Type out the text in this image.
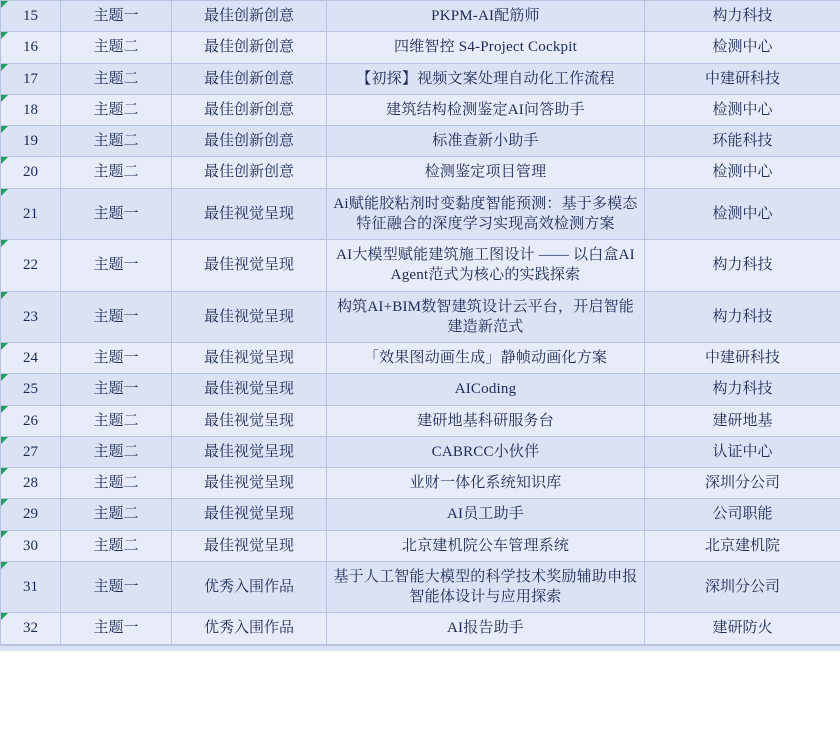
15	主题一	最佳创新创意	PKPM-AI配筋师	构力科技

16	主题二	最佳创新创意	四维智控 S4-Project Cockpit	检测中心

17	主题二	最佳创新创意	【初探】视频文案处理自动化工作流程	中建研科技

18	主题二	最佳创新创意	建筑结构检测鉴定AI问答助手	检测中心

19	主题二	最佳创新创意	标准查新小助手	环能科技

20	主题二	最佳创新创意	检测鉴定项目管理	检测中心

21	主题一	最佳视觉呈现	Ai赋能胶粘剂时变黏度智能预测：基于多模态特征融合的深度学习实现高效检测方案	检测中心

22	主题一	最佳视觉呈现	AI大模型赋能建筑施工图设计 —— 以白盒AI Agent范式为核心的实践探索	构力科技

23	主题一	最佳视觉呈现	构筑AI+BIM数智建筑设计云平台，开启智能建造新范式	构力科技

24	主题一	最佳视觉呈现	「效果图动画生成」静帧动画化方案	中建研科技

25	主题一	最佳视觉呈现	AICoding	构力科技

26	主题二	最佳视觉呈现	建研地基科研服务台	建研地基

27	主题二	最佳视觉呈现	CABRCC小伙伴	认证中心

28	主题二	最佳视觉呈现	业财一体化系统知识库	深圳分公司

29	主题二	最佳视觉呈现	AI员工助手	公司职能

30	主题二	最佳视觉呈现	北京建机院公车管理系统	北京建机院

31	主题一	优秀入围作品	基于人工智能大模型的科学技术奖励辅助申报智能体设计与应用探索	深圳分公司

32	主题一	优秀入围作品	AI报告助手	建研防火
